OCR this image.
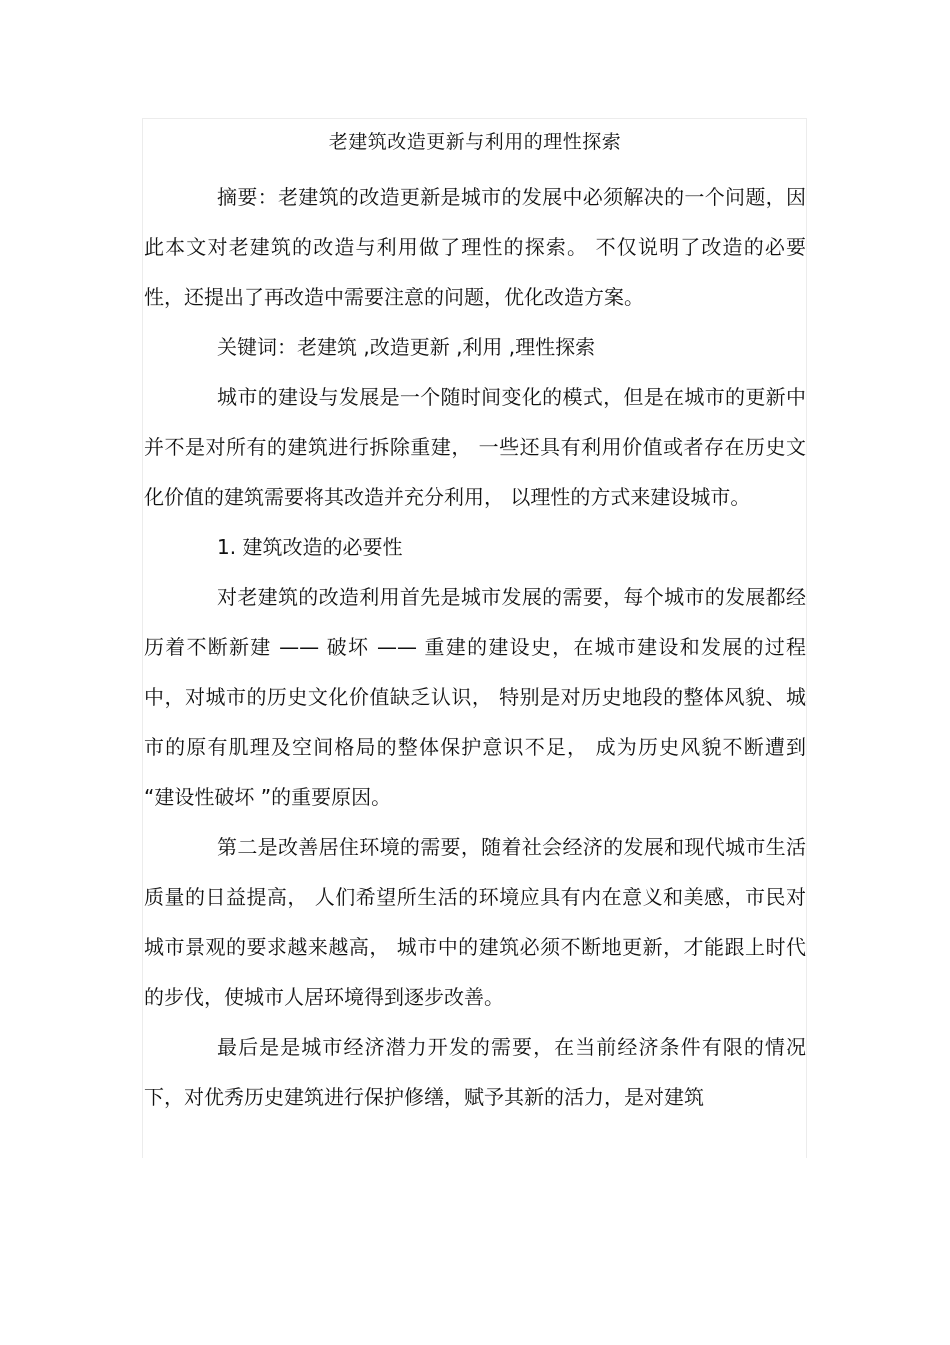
老建筑改造更新与利用的理性探索

摘要：老建筑的改造更新是城市的发展中必须解决的一个问题，因此本文对老建筑的改造与利用做了理性的探索。 不仅说明了改造的必要性，还提出了再改造中需要注意的问题，优化改造方案。

关键词：老建筑 ,改造更新 ,利用 ,理性探索

城市的建设与发展是一个随时间变化的模式，但是在城市的更新中并不是对所有的建筑进行拆除重建， 一些还具有利用价值或者存在历史文化价值的建筑需要将其改造并充分利用， 以理性的方式来建设城市。

1. 建筑改造的必要性

对老建筑的改造利用首先是城市发展的需要，每个城市的发展都经历着不断新建 —— 破坏 —— 重建的建设史，在城市建设和发展的过程中，对城市的历史文化价值缺乏认识， 特别是对历史地段的整体风貌、城市的原有肌理及空间格局的整体保护意识不足， 成为历史风貌不断遭到 “建设性破坏 ”的重要原因。

第二是改善居住环境的需要，随着社会经济的发展和现代城市生活质量的日益提高， 人们希望所生活的环境应具有内在意义和美感，市民对城市景观的要求越来越高， 城市中的建筑必须不断地更新，才能跟上时代的步伐，使城市人居环境得到逐步改善。

最后是是城市经济潜力开发的需要，在当前经济条件有限的情况下，对优秀历史建筑进行保护修缮，赋予其新的活力，是对建筑
